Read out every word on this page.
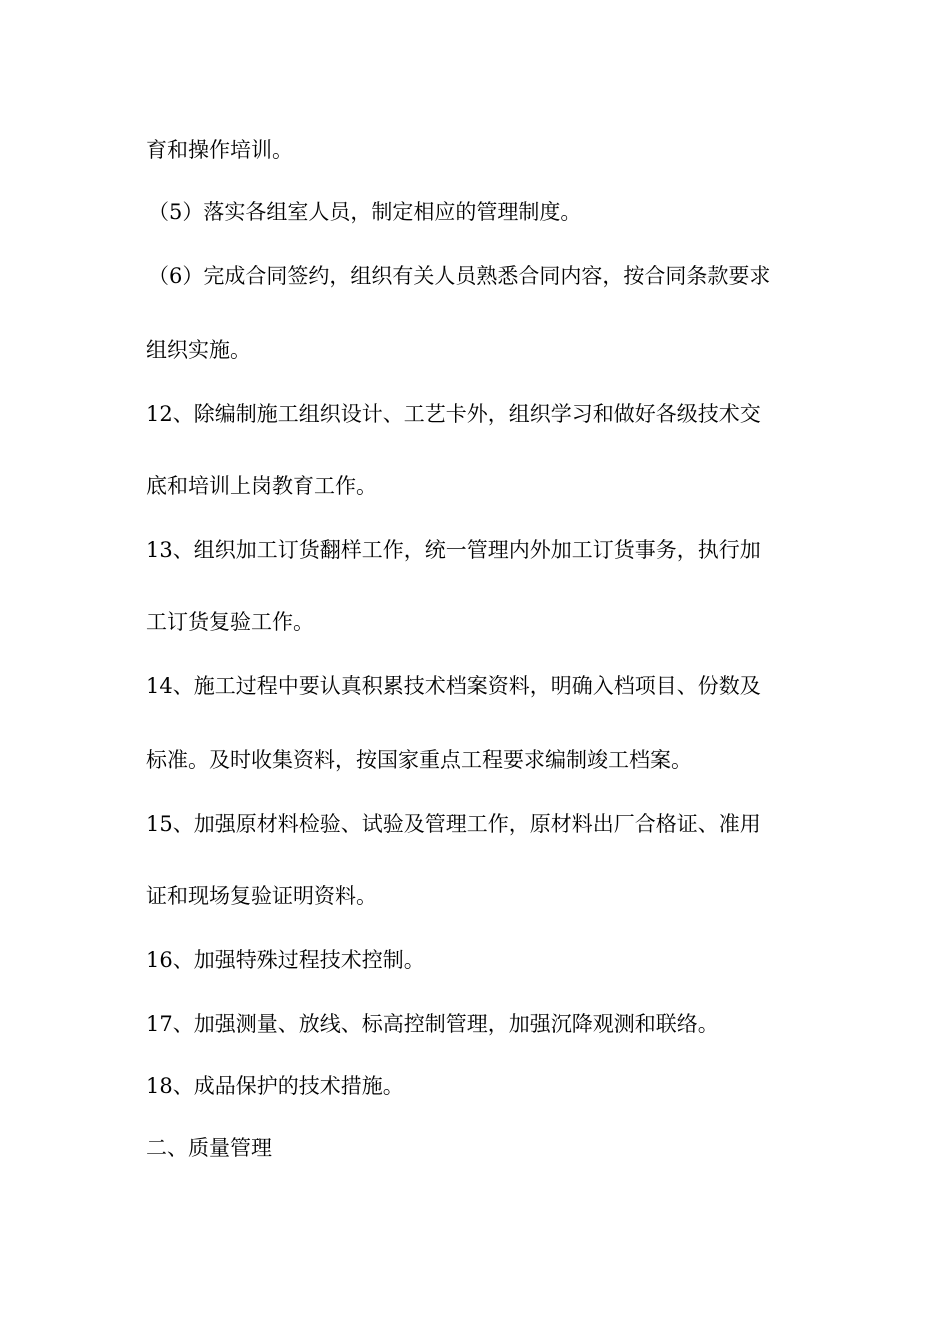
育和操作培训。
（5）落实各组室人员，制定相应的管理制度。
（6）完成合同签约，组织有关人员熟悉合同内容，按合同条款要求
组织实施。
12、除编制施工组织设计、工艺卡外，组织学习和做好各级技术交
底和培训上岗教育工作。
13、组织加工订货翻样工作，统一管理内外加工订货事务，执行加
工订货复验工作。
14、施工过程中要认真积累技术档案资料，明确入档项目、份数及
标准。及时收集资料，按国家重点工程要求编制竣工档案。
15、加强原材料检验、试验及管理工作，原材料出厂合格证、准用
证和现场复验证明资料。
16、加强特殊过程技术控制。
17、加强测量、放线、标高控制管理，加强沉降观测和联络。
18、成品保护的技术措施。
二、质量管理
